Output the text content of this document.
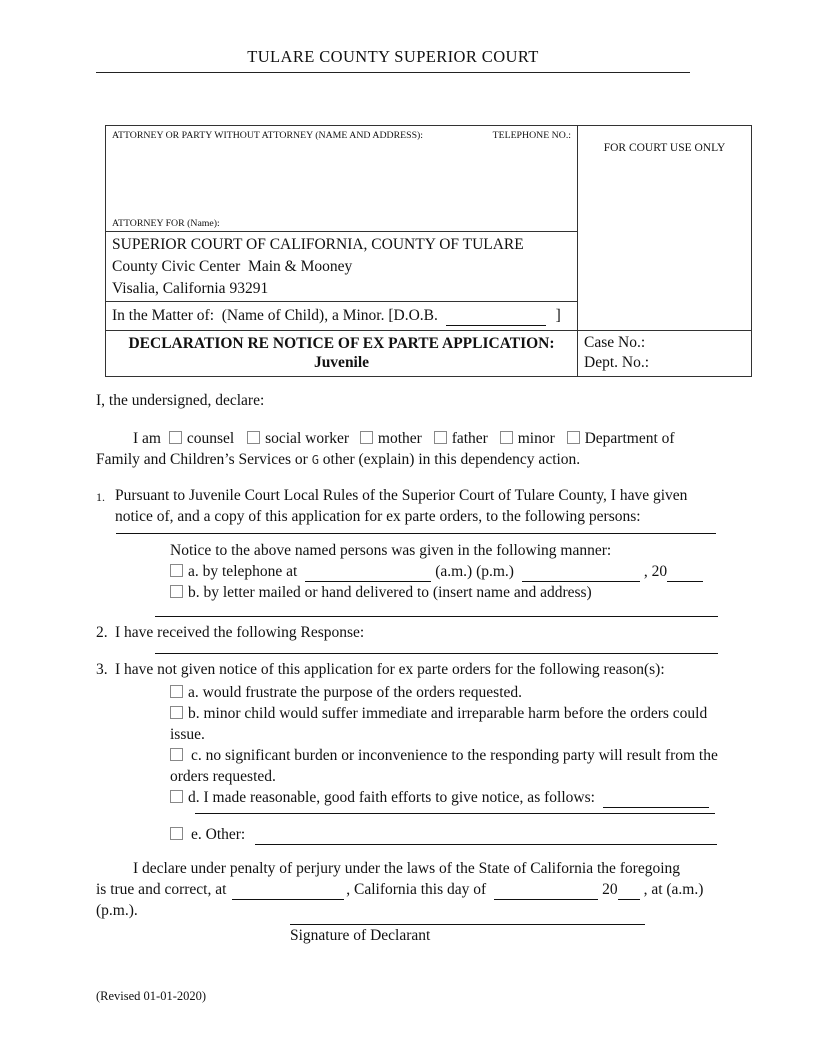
TULARE COUNTY SUPERIOR COURT
ATTORNEY OR PARTY WITHOUT ATTORNEY (NAME AND ADDRESS):	TELEPHONE NO.:
ATTORNEY FOR (Name):
FOR COURT USE ONLY
SUPERIOR COURT OF CALIFORNIA, COUNTY OF TULARE
County Civic Center  Main & Mooney
Visalia, California 93291
In the Matter of:  (Name of Child), a Minor. [D.O.B.	]
DECLARATION RE NOTICE OF EX PARTE APPLICATION:
Juvenile
Case No.:
Dept. No.:
I, the undersigned, declare:
I am counsel social worker mother father minor Department of
Family and Children’s Services or G other (explain) in this dependency action.
1. Pursuant to Juvenile Court Local Rules of the Superior Court of Tulare County, I have given notice of, and a copy of this application for ex parte orders, to the following persons:
Notice to the above named persons was given in the following manner:
a. by telephone at	(a.m.) (p.m.)	, 20
b. by letter mailed or hand delivered to (insert name and address)
2. I have received the following Response:
3. I have not given notice of this application for ex parte orders for the following reason(s):
a. would frustrate the purpose of the orders requested.
b. minor child would suffer immediate and irreparable harm before the orders could issue.
c. no significant burden or inconvenience to the responding party will result from the orders requested.
d. I made reasonable, good faith efforts to give notice, as follows:
e. Other:
I declare under penalty of perjury under the laws of the State of California the foregoing
is true and correct, at	, California this day of	20 , at (a.m.)
(p.m.).
Signature of Declarant
(Revised 01-01-2020)
